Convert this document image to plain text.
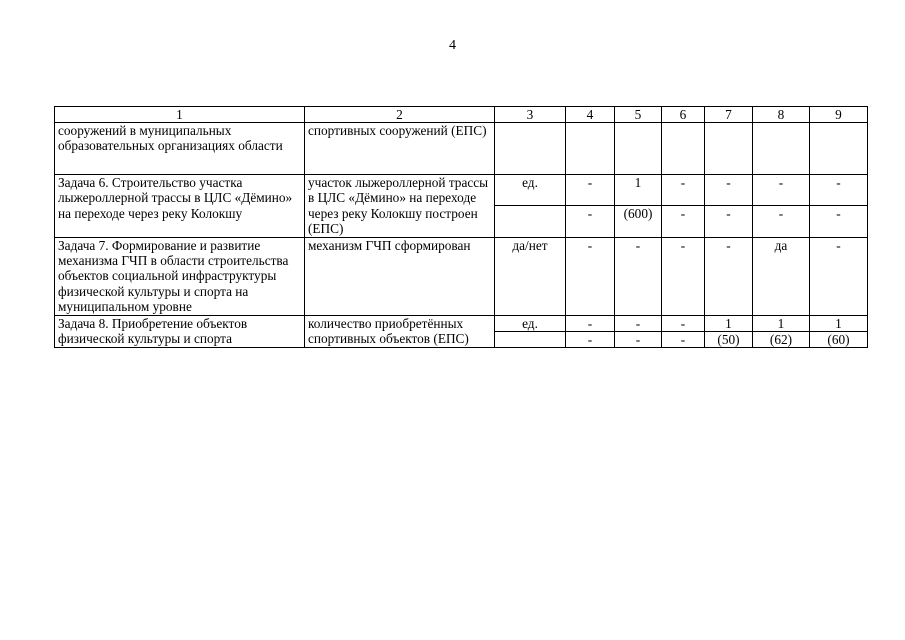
4
1	2	3	4	5	6	7	8	9
сооружений в муниципальных образовательных организациях области	спортивных сооружений (ЕПС)							
Задача 6. Строительство участка лыжероллерной трассы в ЦЛС «Дёмино» на переходе через реку Колокшу	участок лыжероллерной трассы в ЦЛС «Дёмино» на переходе через реку Колокшу построен (ЕПС)	ед.	-	1	-	-	-	-
			-	(600)	-	-	-	-
Задача 7. Формирование и развитие механизма ГЧП в области строительства объектов социальной инфраструктуры физической культуры и спорта на муниципальном уровне	механизм ГЧП сформирован	да/нет	-	-	-	-	да	-
Задача 8. Приобретение объектов физической культуры и спорта	количество приобретённых спортивных объектов (ЕПС)	ед.	-	-	-	1	1	1
			-	-	-	(50)	(62)	(60)
